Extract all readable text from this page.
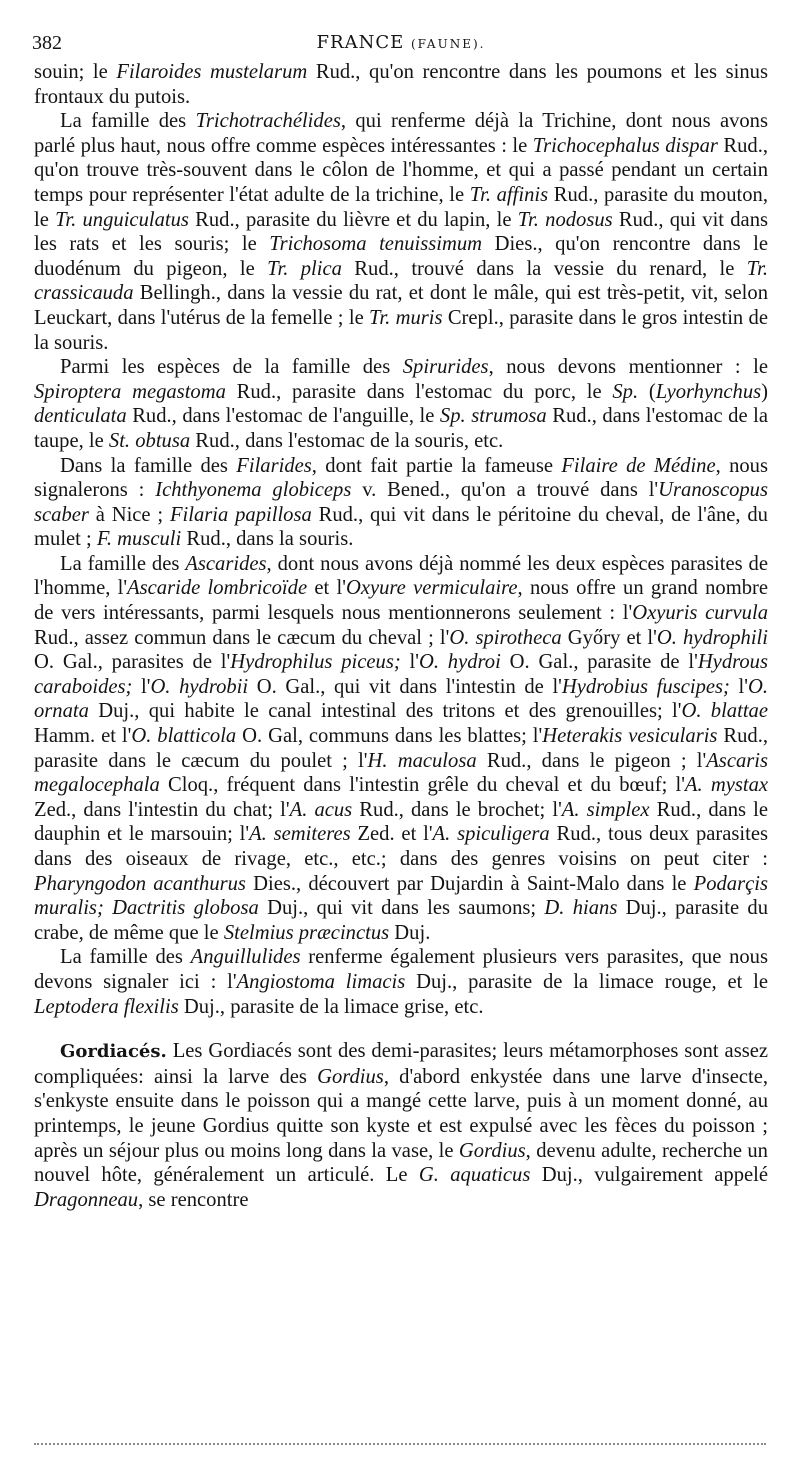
382	FRANCE (FAUNE).

souin; le Filaroides mustelarum Rud., qu'on rencontre dans les poumons et les sinus frontaux du putois.

La famille des Trichotrachélides, qui renferme déjà la Trichine, dont nous avons parlé plus haut, nous offre comme espèces intéressantes : le Trichocephalus dispar Rud., qu'on trouve très-souvent dans le côlon de l'homme, et qui a passé pendant un certain temps pour représenter l'état adulte de la trichine, le Tr. affinis Rud., parasite du mouton, le Tr. unguiculatus Rud., parasite du lièvre et du lapin, le Tr. nodosus Rud., qui vit dans les rats et les souris; le Trichosoma tenuissimum Dies., qu'on rencontre dans le duodénum du pigeon, le Tr. plica Rud., trouvé dans la vessie du renard, le Tr. crassicauda Bellingh., dans la vessie du rat, et dont le mâle, qui est très-petit, vit, selon Leuckart, dans l'utérus de la femelle ; le Tr. muris Crepl., parasite dans le gros intestin de la souris.

Parmi les espèces de la famille des Spirurides, nous devons mentionner : le Spiroptera megastoma Rud., parasite dans l'estomac du porc, le Sp. (Lyorhynchus) denticulata Rud., dans l'estomac de l'anguille, le Sp. strumosa Rud., dans l'estomac de la taupe, le St. obtusa Rud., dans l'estomac de la souris, etc.

Dans la famille des Filarides, dont fait partie la fameuse Filaire de Médine, nous signalerons : Ichthyonema globiceps v. Bened., qu'on a trouvé dans l'Uranoscopus scaber à Nice ; Filaria papillosa Rud., qui vit dans le péritoine du cheval, de l'âne, du mulet ; F. musculi Rud., dans la souris.

La famille des Ascarides, dont nous avons déjà nommé les deux espèces parasites de l'homme, l'Ascaride lombricoïde et l'Oxyure vermiculaire, nous offre un grand nombre de vers intéressants, parmi lesquels nous mentionnerons seulement : l'Oxyuris curvula Rud., assez commun dans le cæcum du cheval ; l'O. spirotheca Győry et l'O. hydrophili O. Gal., parasites de l'Hydrophilus piceus; l'O. hydroi O. Gal., parasite de l'Hydrous caraboides; l'O. hydrobii O. Gal., qui vit dans l'intestin de l'Hydrobius fuscipes; l'O. ornata Duj., qui habite le canal intestinal des tritons et des grenouilles; l'O. blattae Hamm. et l'O. blatticola O. Gal, communs dans les blattes; l'Heterakis vesicularis Rud., parasite dans le cæcum du poulet ; l'H. maculosa Rud., dans le pigeon ; l'Ascaris megalocephala Cloq., fréquent dans l'intestin grêle du cheval et du bœuf; l'A. mystax Zed., dans l'intestin du chat; l'A. acus Rud., dans le brochet; l'A. simplex Rud., dans le dauphin et le marsouin; l'A. semiteres Zed. et l'A. spiculigera Rud., tous deux parasites dans des oiseaux de rivage, etc., etc.; dans des genres voisins on peut citer : Pharyngodon acanthurus Dies., découvert par Dujardin à Saint-Malo dans le Podarçis muralis; Dactritis globosa Duj., qui vit dans les saumons; D. hians Duj., parasite du crabe, de même que le Stelmius præcinctus Duj.

La famille des Anguillulides renferme également plusieurs vers parasites, que nous devons signaler ici : l'Angiostoma limacis Duj., parasite de la limace rouge, et le Leptodera flexilis Duj., parasite de la limace grise, etc.

Gordiacés. Les Gordiacés sont des demi-parasites; leurs métamorphoses sont assez compliquées: ainsi la larve des Gordius, d'abord enkystée dans une larve d'insecte, s'enkyste ensuite dans le poisson qui a mangé cette larve, puis à un moment donné, au printemps, le jeune Gordius quitte son kyste et est expulsé avec les fèces du poisson ; après un séjour plus ou moins long dans la vase, le Gordius, devenu adulte, recherche un nouvel hôte, généralement un articulé. Le G. aquaticus Duj., vulgairement appelé Dragonneau, se rencontre
